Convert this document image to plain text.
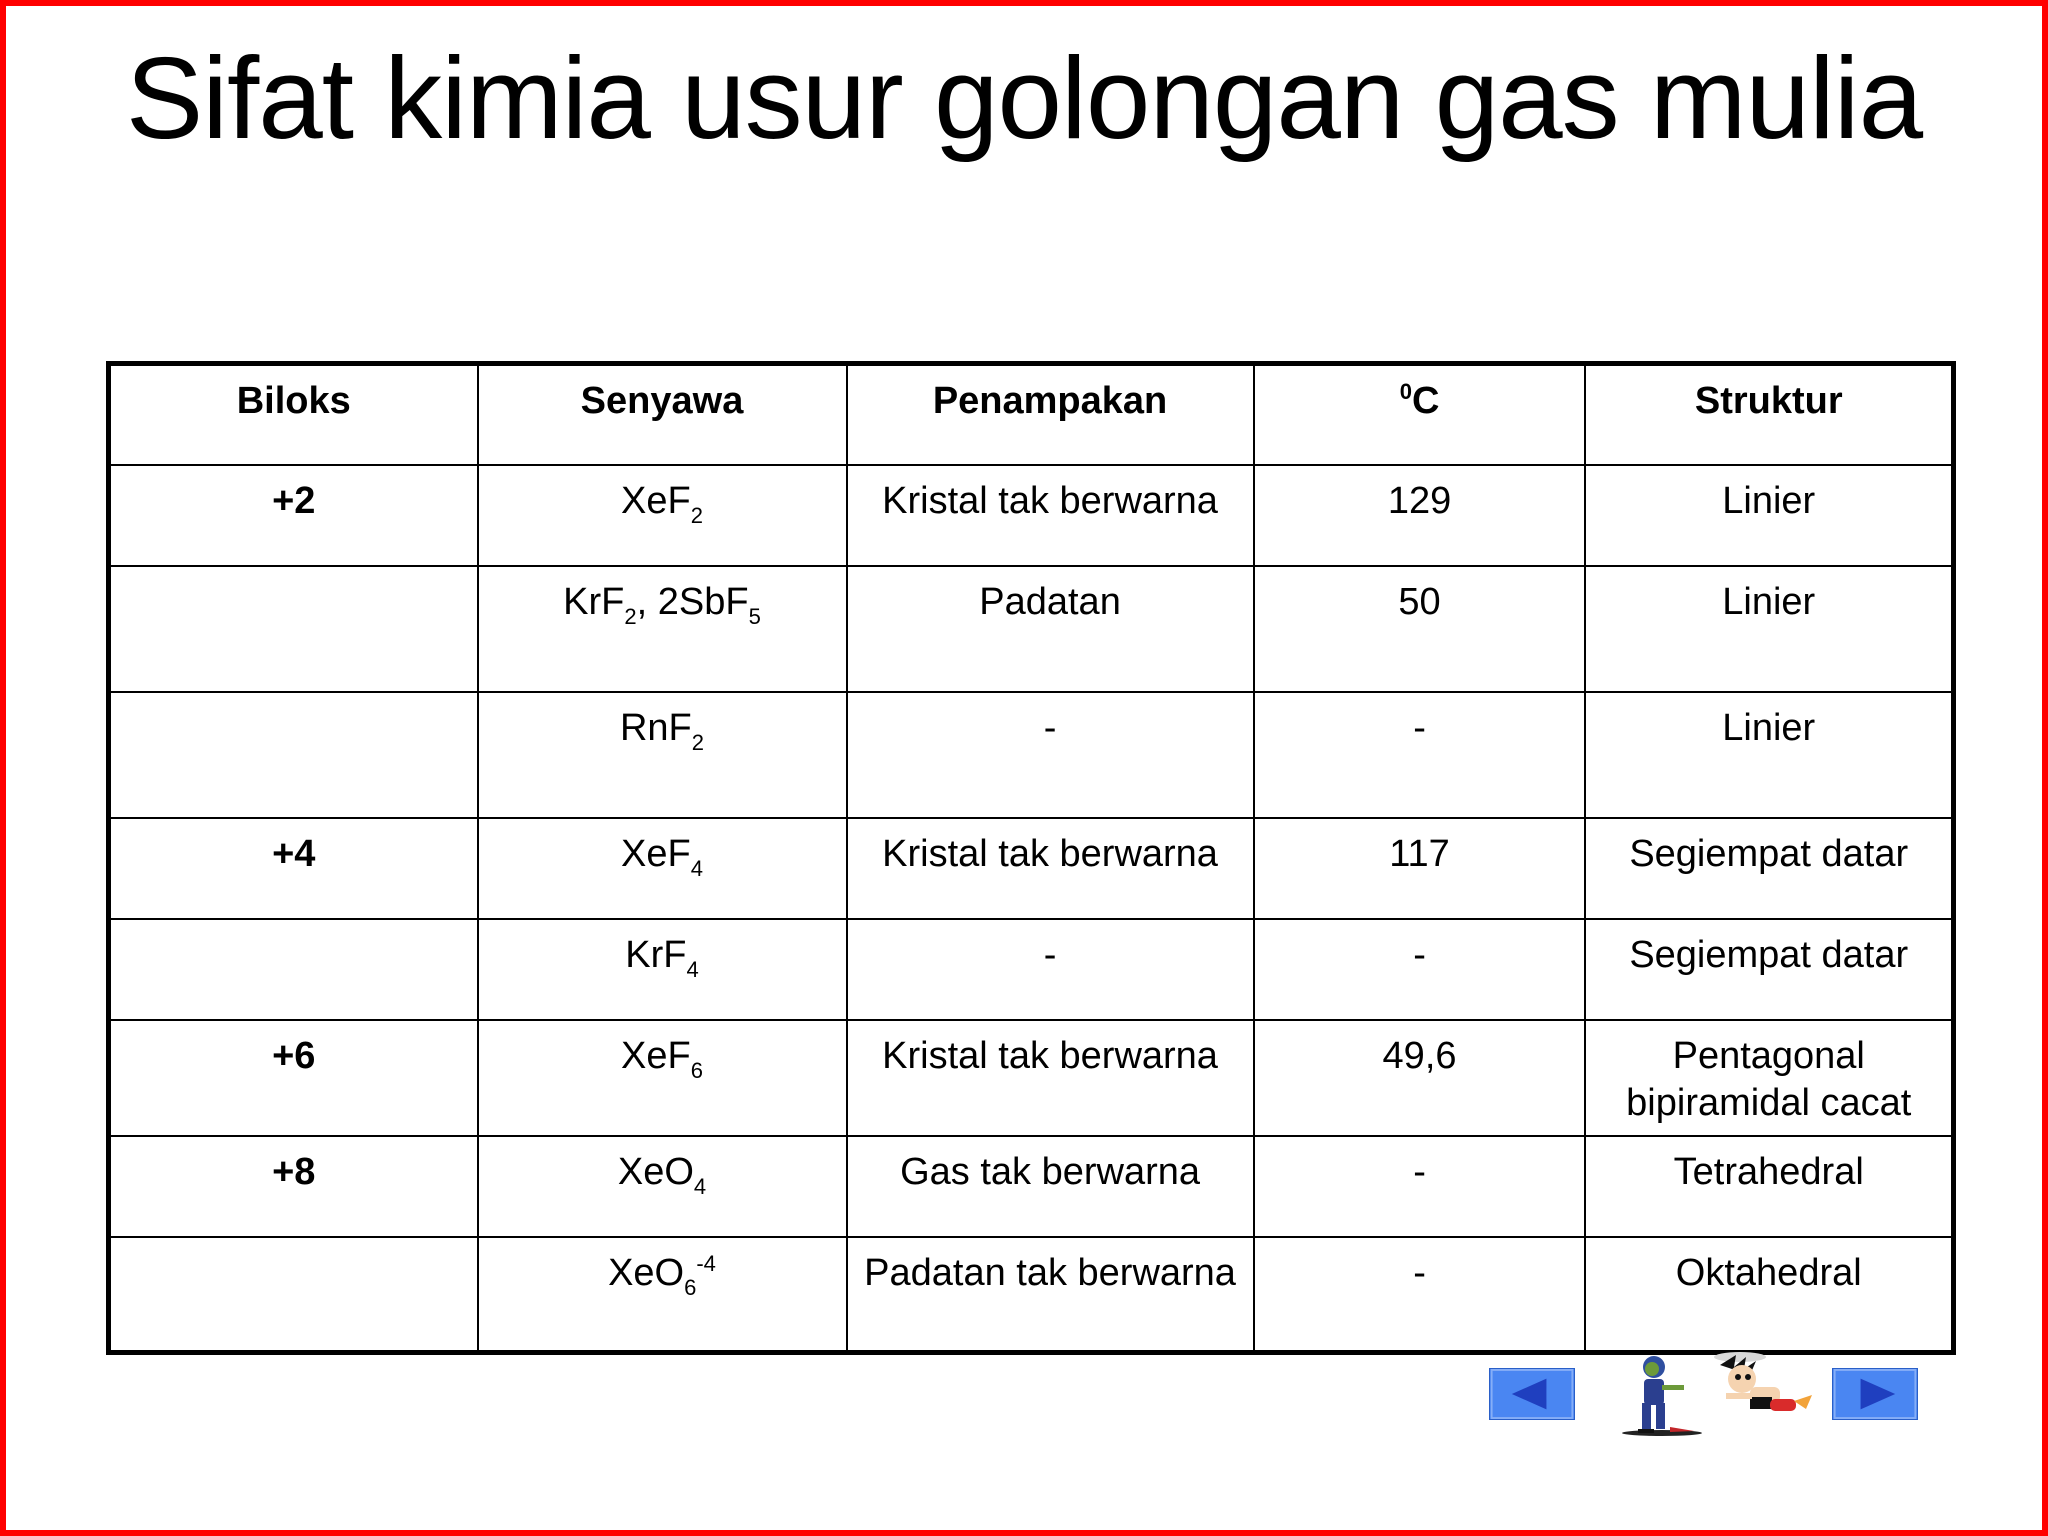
Sifat kimia usur golongan gas mulia
Biloks	Senyawa	Penampakan	$^0$C	Struktur
+2	XeF$_2$	Kristal tak berwarna	129	Linier
	KrF$_2$, 2SbF$_5$	Padatan	50	Linier
	RnF$_2$	-	-	Linier
+4	XeF$_4$	Kristal tak berwarna	117	Segiempat datar
	KrF$_4$	-	-	Segiempat datar
+6	XeF$_6$	Kristal tak berwarna	49,6	Pentagonal bipiramidal cacat
+8	XeO$_4$	Gas tak berwarna	-	Tetrahedral
	XeO$_6^{-4}$	Padatan tak berwarna	-	Oktahedral
